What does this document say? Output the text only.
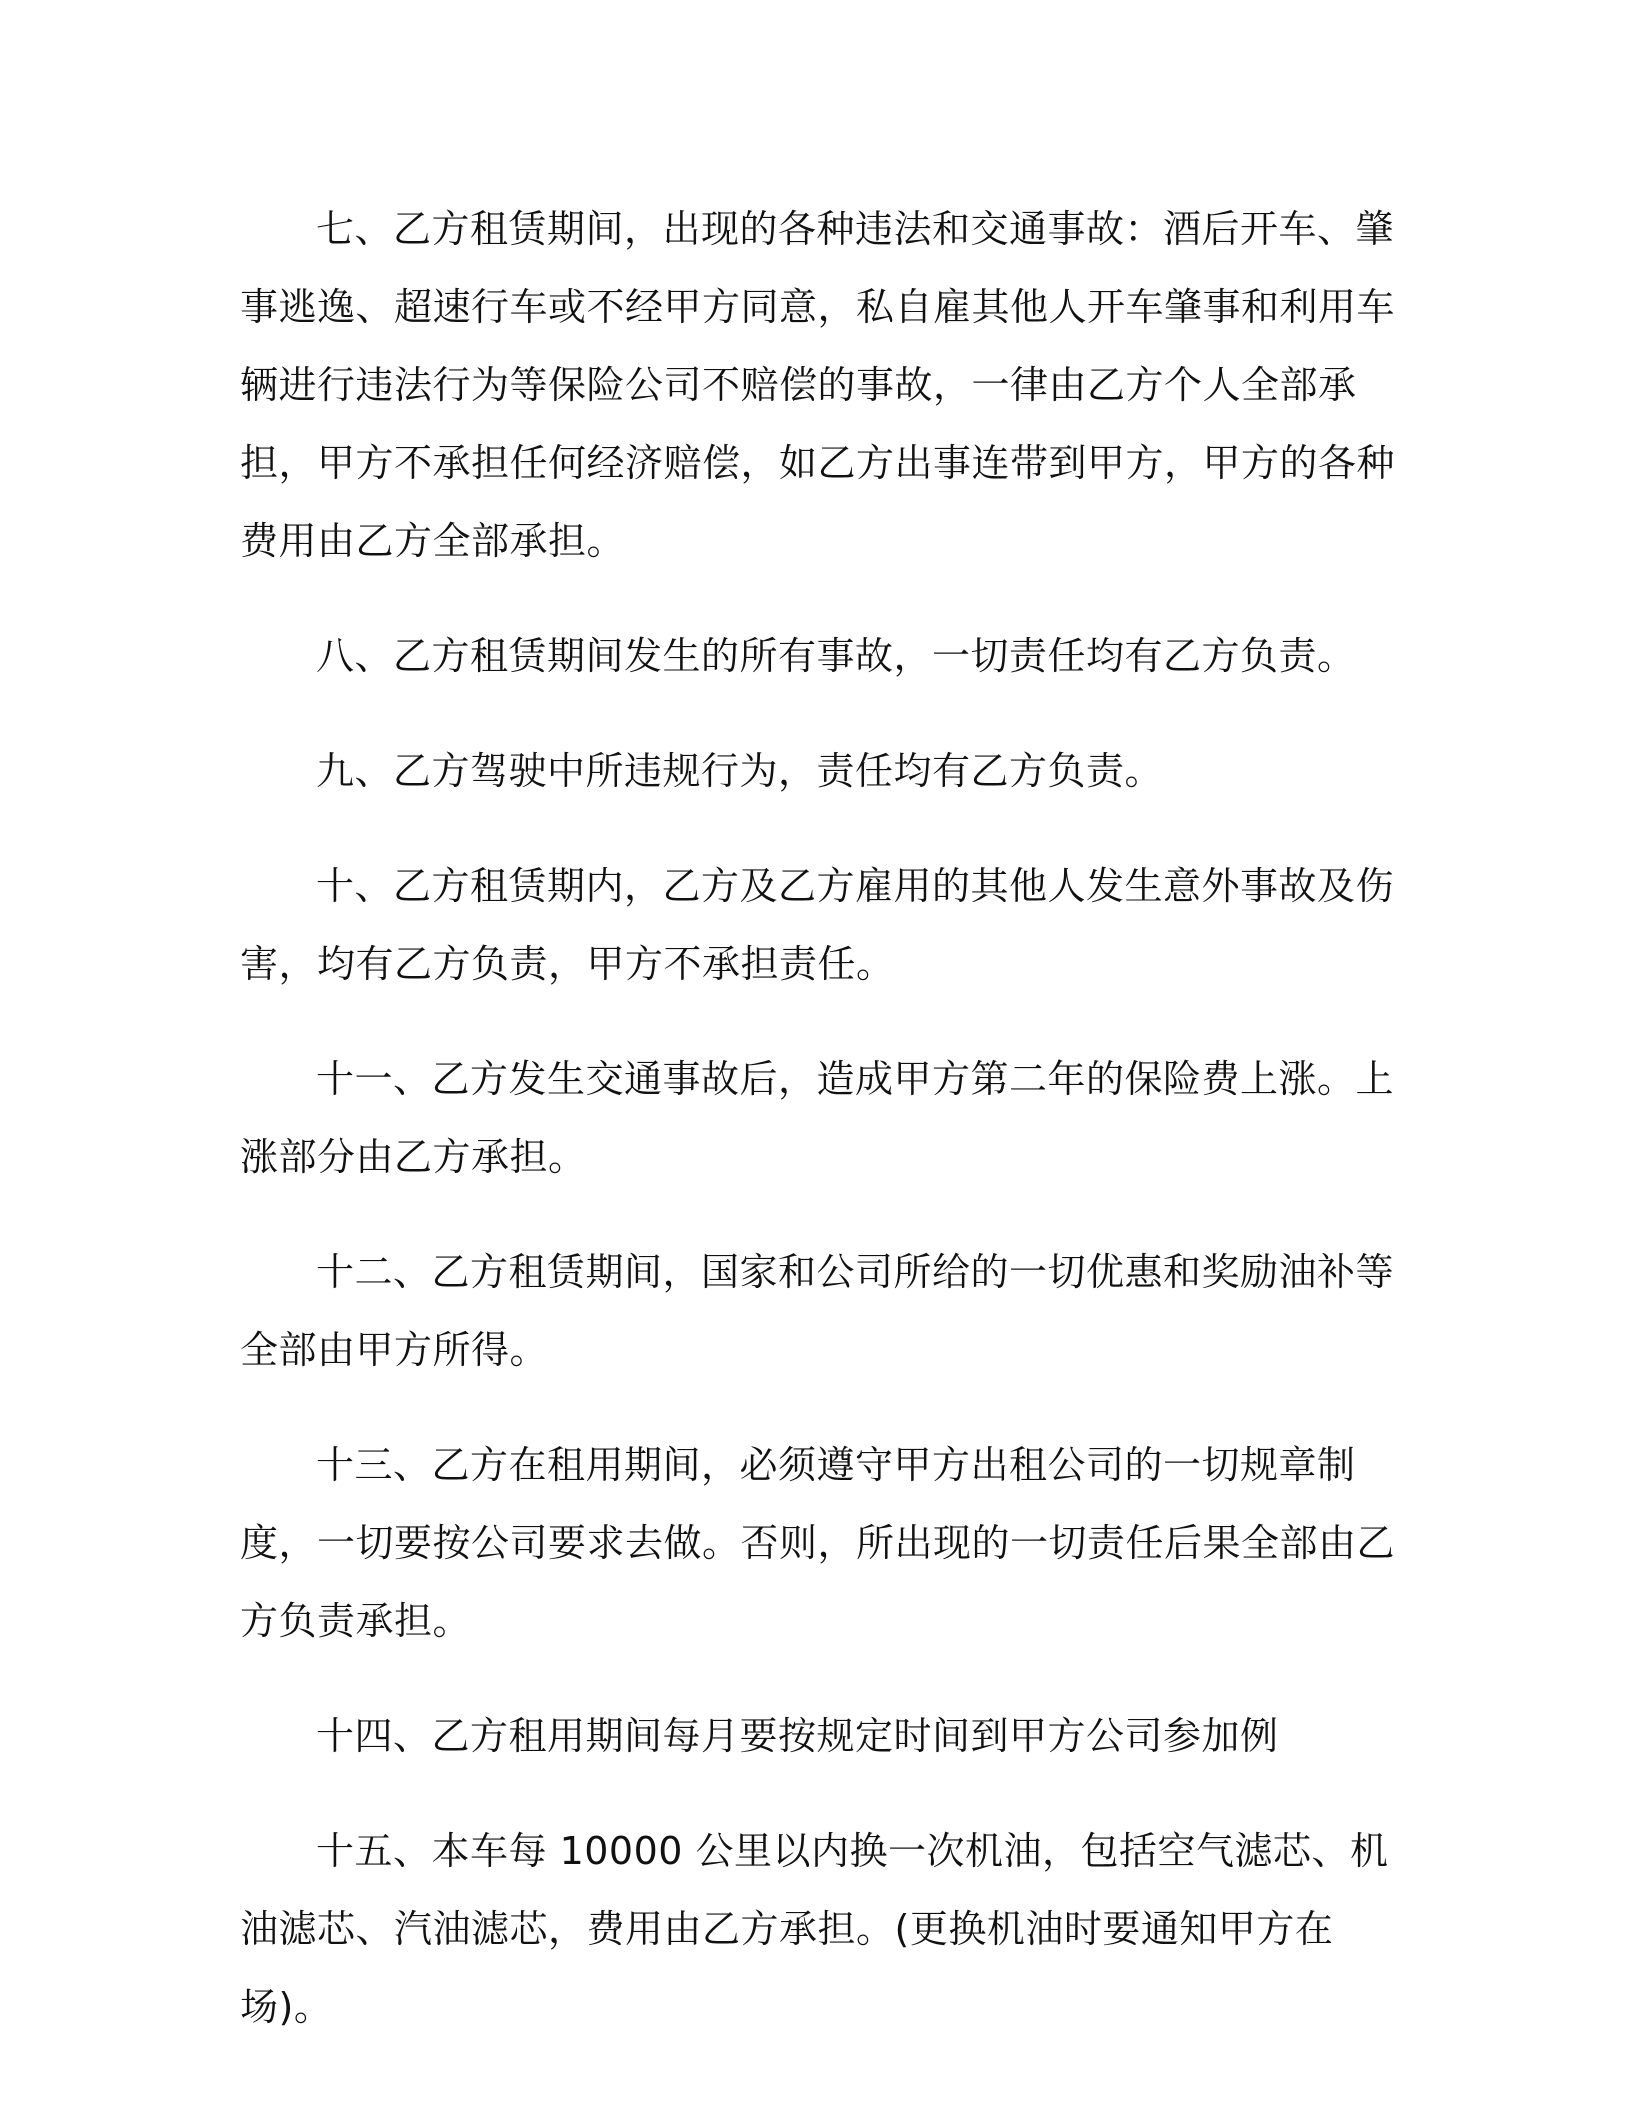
七、乙方租赁期间，出现的各种违法和交通事故：酒后开车、肇事逃逸、超速行车或不经甲方同意，私自雇其他人开车肇事和利用车辆进行违法行为等保险公司不赔偿的事故，一律由乙方个人全部承担，甲方不承担任何经济赔偿，如乙方出事连带到甲方，甲方的各种费用由乙方全部承担。

八、乙方租赁期间发生的所有事故，一切责任均有乙方负责。

九、乙方驾驶中所违规行为，责任均有乙方负责。

十、乙方租赁期内，乙方及乙方雇用的其他人发生意外事故及伤害，均有乙方负责，甲方不承担责任。

十一、乙方发生交通事故后，造成甲方第二年的保险费上涨。上涨部分由乙方承担。

十二、乙方租赁期间，国家和公司所给的一切优惠和奖励油补等全部由甲方所得。

十三、乙方在租用期间，必须遵守甲方出租公司的一切规章制度，一切要按公司要求去做。否则，所出现的一切责任后果全部由乙方负责承担。

十四、乙方租用期间每月要按规定时间到甲方公司参加例

十五、本车每 10000 公里以内换一次机油，包括空气滤芯、机油滤芯、汽油滤芯，费用由乙方承担。(更换机油时要通知甲方在场)。
